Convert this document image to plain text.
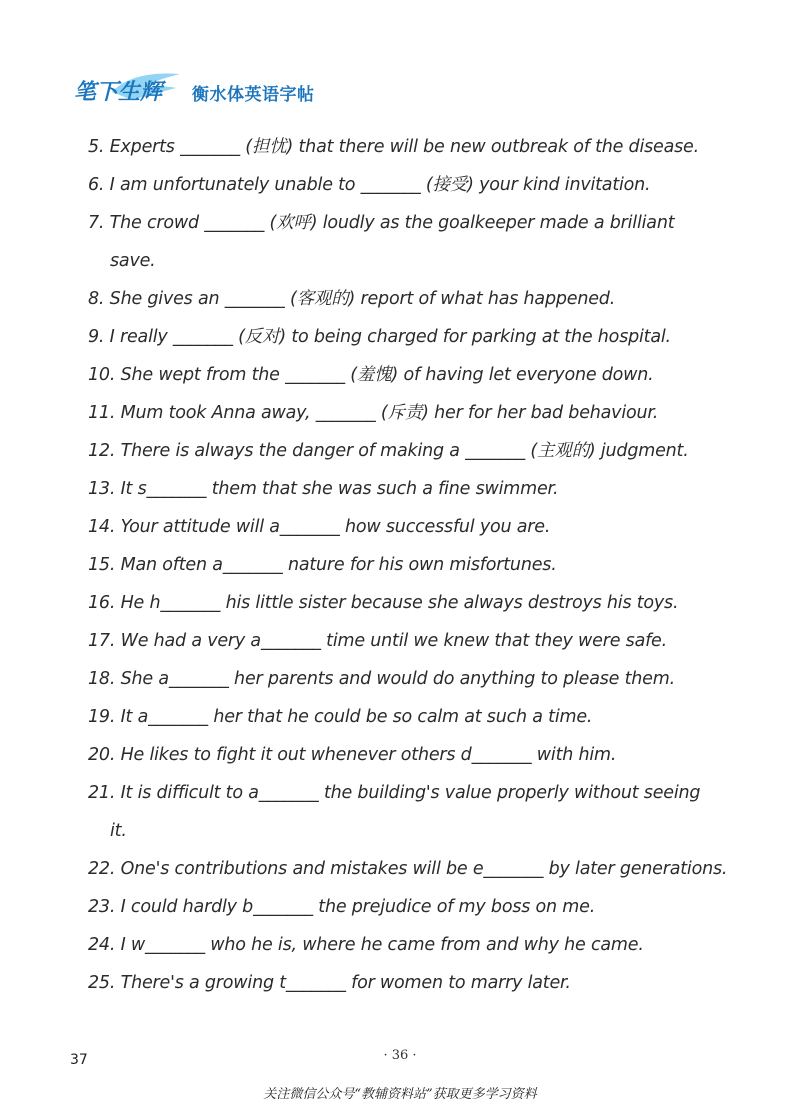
笔下生辉 衡水体英语字帖
5. Experts _______ (担忧) that there will be new outbreak of the disease.
6. I am unfortunately unable to _______ (接受) your kind invitation.
7. The crowd _______ (欢呼) loudly as the goalkeeper made a brilliant
save.
8. She gives an _______ (客观的) report of what has happened.
9. I really _______ (反对) to being charged for parking at the hospital.
10. She wept from the _______ (羞愧) of having let everyone down.
11. Mum took Anna away, _______ (斥责) her for her bad behaviour.
12. There is always the danger of making a _______ (主观的) judgment.
13. It s_______ them that she was such a fine swimmer.
14. Your attitude will a_______ how successful you are.
15. Man often a_______ nature for his own misfortunes.
16. He h_______ his little sister because she always destroys his toys.
17. We had a very a_______ time until we knew that they were safe.
18. She a_______ her parents and would do anything to please them.
19. It a_______ her that he could be so calm at such a time.
20. He likes to fight it out whenever others d_______ with him.
21. It is difficult to a_______ the building's value properly without seeing
it.
22. One's contributions and mistakes will be e_______ by later generations.
23. I could hardly b_______ the prejudice of my boss on me.
24. I w_______ who he is, where he came from and why he came.
25. There's a growing t_______ for women to marry later.
37	· 36 ·
关注微信公众号“教辅资料站”获取更多学习资料
